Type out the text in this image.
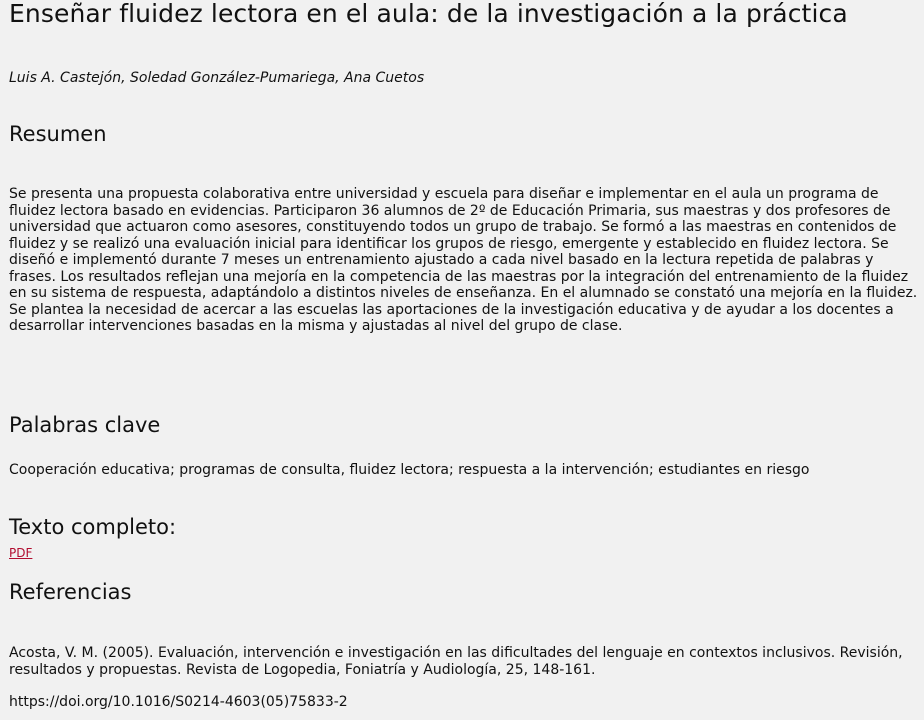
Enseñar fluidez lectora en el aula: de la investigación a la práctica
Luis A. Castejón, Soledad González-Pumariega, Ana Cuetos
Resumen
Se presenta una propuesta colaborativa entre universidad y escuela para diseñar e implementar en el aula un programa de fluidez lectora basado en evidencias. Participaron 36 alumnos de 2º de Educación Primaria, sus maestras y dos profesores de universidad que actuaron como asesores, constituyendo todos un grupo de trabajo. Se formó a las maestras en contenidos de fluidez y se realizó una evaluación inicial para identificar los grupos de riesgo, emergente y establecido en fluidez lectora. Se diseñó e implementó durante 7 meses un entrenamiento ajustado a cada nivel basado en la lectura repetida de palabras y frases. Los resultados reflejan una mejoría en la competencia de las maestras por la integración del entrenamiento de la fluidez en su sistema de respuesta, adaptándolo a distintos niveles de enseñanza. En el alumnado se constató una mejoría en la fluidez. Se plantea la necesidad de acercar a las escuelas las aportaciones de la investigación educativa y de ayudar a los docentes a desarrollar intervenciones basadas en la misma y ajustadas al nivel del grupo de clase.
Palabras clave
Cooperación educativa; programas de consulta, fluidez lectora; respuesta a la intervención; estudiantes en riesgo
Texto completo:
PDF
Referencias
Acosta, V. M. (2005). Evaluación, intervención e investigación en las dificultades del lenguaje en contextos inclusivos. Revisión, resultados y propuestas. Revista de Logopedia, Foniatría y Audiología, 25, 148-161.
https://doi.org/10.1016/S0214-4603(05)75833-2
